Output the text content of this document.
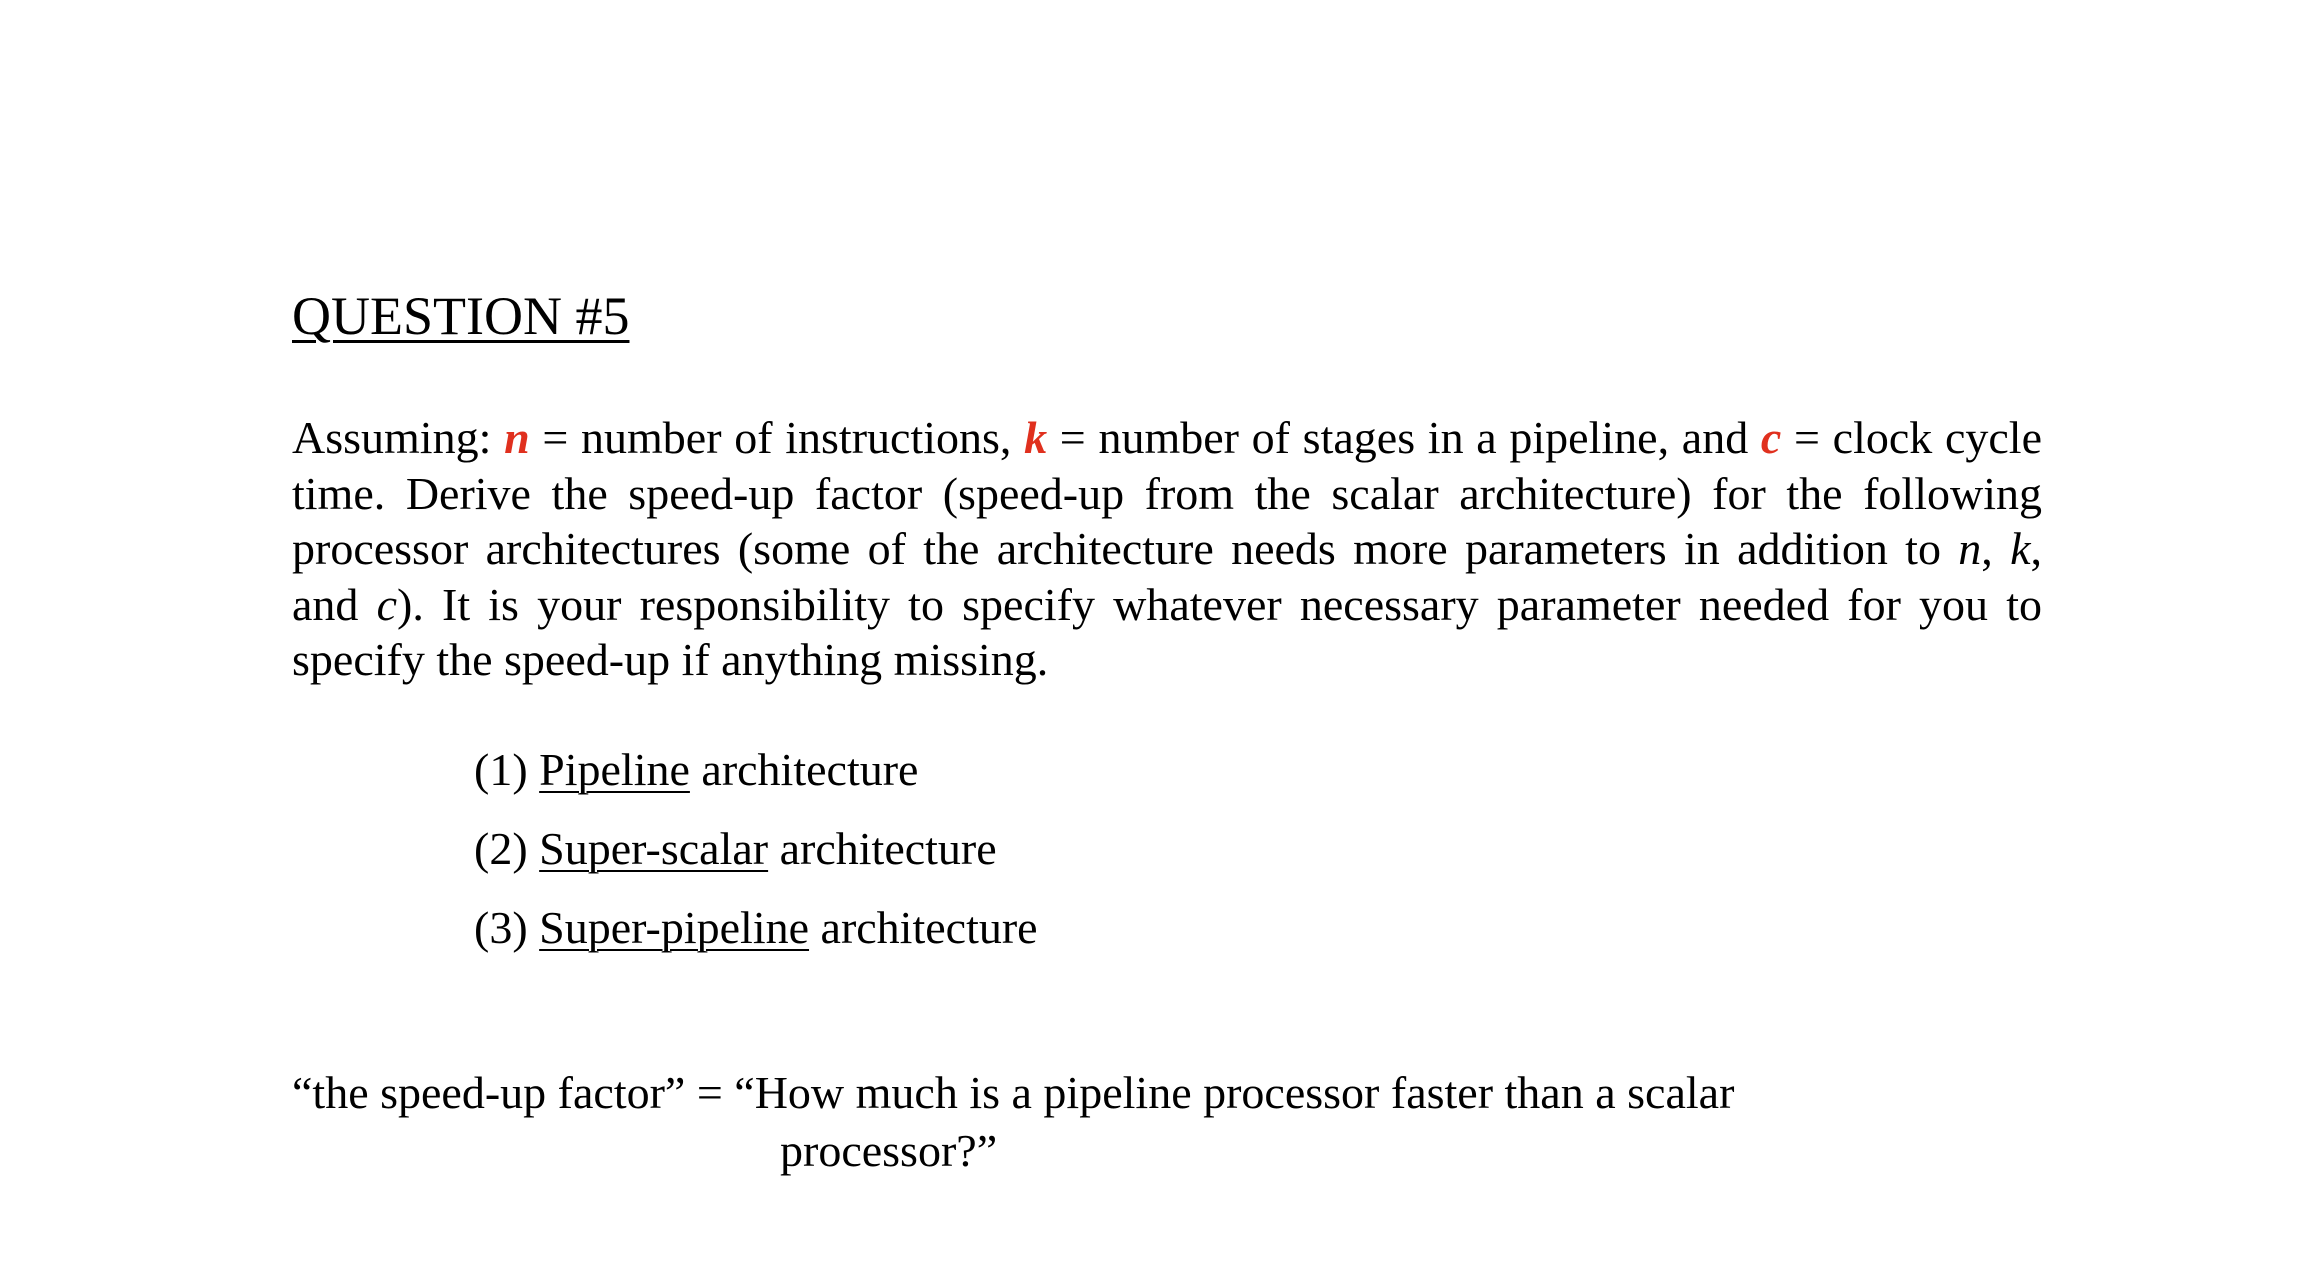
QUESTION #5

Assuming: n = number of instructions, k = number of stages in a pipeline, and c = clock cycle time. Derive the speed-up factor (speed-up from the scalar architecture) for the following processor architectures (some of the architecture needs more parameters in addition to n, k, and c). It is your responsibility to specify whatever necessary parameter needed for you to specify the speed-up if anything missing.

(1) Pipeline architecture
(2) Super-scalar architecture
(3) Super-pipeline architecture

“the speed-up factor” = “How much is a pipeline processor faster than a scalar

processor?”
